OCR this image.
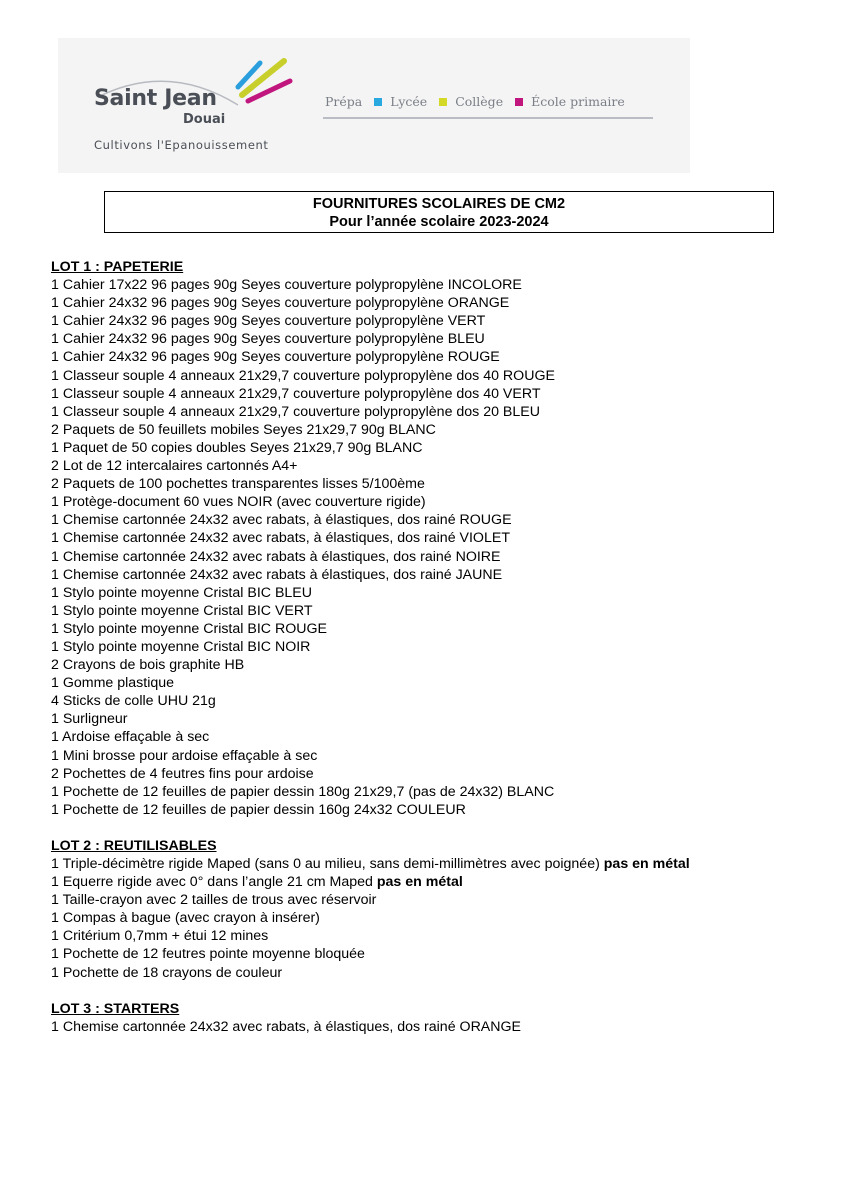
Saint Jean
Douai
Cultivons l'Epanouissement
Prépa Lycée Collège École primaire
FOURNITURES SCOLAIRES DE CM2
Pour l’année scolaire 2023-2024
LOT 1 : PAPETERIE
1 Cahier 17x22 96 pages 90g Seyes couverture polypropylène INCOLORE
1 Cahier 24x32 96 pages 90g Seyes couverture polypropylène ORANGE
1 Cahier 24x32 96 pages 90g Seyes couverture polypropylène VERT
1 Cahier 24x32 96 pages 90g Seyes couverture polypropylène BLEU
1 Cahier 24x32 96 pages 90g Seyes couverture polypropylène ROUGE
1 Classeur souple 4 anneaux 21x29,7 couverture polypropylène dos 40 ROUGE
1 Classeur souple 4 anneaux 21x29,7 couverture polypropylène dos 40 VERT
1 Classeur souple 4 anneaux 21x29,7 couverture polypropylène dos 20 BLEU
2 Paquets de 50 feuillets mobiles Seyes 21x29,7 90g BLANC
1 Paquet de 50 copies doubles Seyes 21x29,7 90g BLANC
2 Lot de 12 intercalaires cartonnés A4+
2 Paquets de 100 pochettes transparentes lisses 5/100ème
1 Protège-document 60 vues NOIR (avec couverture rigide)
1 Chemise cartonnée 24x32 avec rabats, à élastiques, dos rainé ROUGE
1 Chemise cartonnée 24x32 avec rabats, à élastiques, dos rainé VIOLET
1 Chemise cartonnée 24x32 avec rabats à élastiques, dos rainé NOIRE
1 Chemise cartonnée 24x32 avec rabats à élastiques, dos rainé JAUNE
1 Stylo pointe moyenne Cristal BIC BLEU
1 Stylo pointe moyenne Cristal BIC VERT
1 Stylo pointe moyenne Cristal BIC ROUGE
1 Stylo pointe moyenne Cristal BIC NOIR
2 Crayons de bois graphite HB
1 Gomme plastique
4 Sticks de colle UHU 21g
1 Surligneur
1 Ardoise effaçable à sec
1 Mini brosse pour ardoise effaçable à sec
2 Pochettes de 4 feutres fins pour ardoise
1 Pochette de 12 feuilles de papier dessin 180g 21x29,7 (pas de 24x32) BLANC
1 Pochette de 12 feuilles de papier dessin 160g 24x32 COULEUR
LOT 2 : REUTILISABLES
1 Triple-décimètre rigide Maped (sans 0 au milieu, sans demi-millimètres avec poignée) pas en métal
1 Equerre rigide avec 0° dans l’angle 21 cm Maped pas en métal
1 Taille-crayon avec 2 tailles de trous avec réservoir
1 Compas à bague (avec crayon à insérer)
1 Critérium 0,7mm + étui 12 mines
1 Pochette de 12 feutres pointe moyenne bloquée
1 Pochette de 18 crayons de couleur
LOT 3 : STARTERS
1 Chemise cartonnée 24x32 avec rabats, à élastiques, dos rainé ORANGE
